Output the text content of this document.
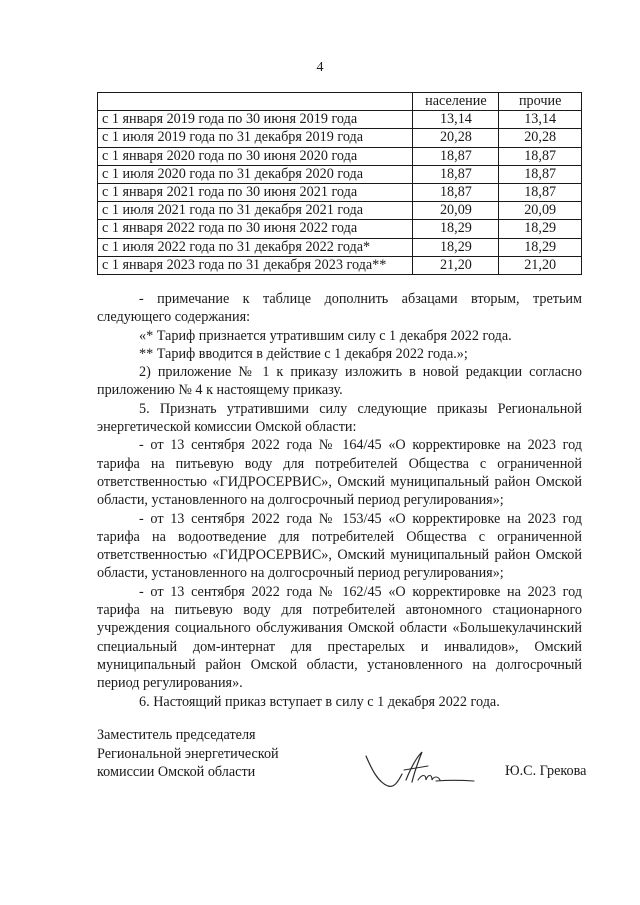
4
	население	прочие
с 1 января 2019 года по 30 июня 2019 года	13,14	13,14
с 1 июля 2019 года по 31 декабря 2019 года	20,28	20,28
с 1 января 2020 года по 30 июня 2020 года	18,87	18,87
с 1 июля 2020 года по 31 декабря 2020 года	18,87	18,87
с 1 января 2021 года по 30 июня 2021 года	18,87	18,87
с 1 июля 2021 года по 31 декабря 2021 года	20,09	20,09
с 1 января 2022 года по 30 июня 2022 года	18,29	18,29
с 1 июля 2022 года по 31 декабря 2022 года*	18,29	18,29
с 1 января 2023 года по 31 декабря 2023 года**	21,20	21,20

- примечание к таблице дополнить абзацами вторым, третьим следующего содержания:

«* Тариф признается утратившим силу с 1 декабря 2022 года.

** Тариф вводится в действие с 1 декабря 2022 года.»;

2) приложение № 1 к приказу изложить в новой редакции согласно приложению № 4 к настоящему приказу.

5. Признать утратившими силу следующие приказы Региональной энергетической комиссии Омской области:

- от 13 сентября 2022 года № 164/45 «О корректировке на 2023 год тарифа на питьевую воду для потребителей Общества с ограниченной ответственностью «ГИДРОСЕРВИС», Омский муниципальный район Омской области, установленного на долгосрочный период регулирования»;

- от 13 сентября 2022 года № 153/45 «О корректировке на 2023 год тарифа на водоотведение для потребителей Общества с ограниченной ответственностью «ГИДРОСЕРВИС», Омский муниципальный район Омской области, установленного на долгосрочный период регулирования»;

- от 13 сентября 2022 года № 162/45 «О корректировке на 2023 год тарифа на питьевую воду для потребителей автономного стационарного учреждения социального обслуживания Омской области «Большекулачинский специальный дом-интернат для престарелых и инвалидов», Омский муниципальный район Омской области, установленного на долгосрочный период регулирования».

6. Настоящий приказ вступает в силу с 1 декабря 2022 года.

Заместитель председателя
Региональной энергетической
комиссии Омской области	Ю.С. Грекова
